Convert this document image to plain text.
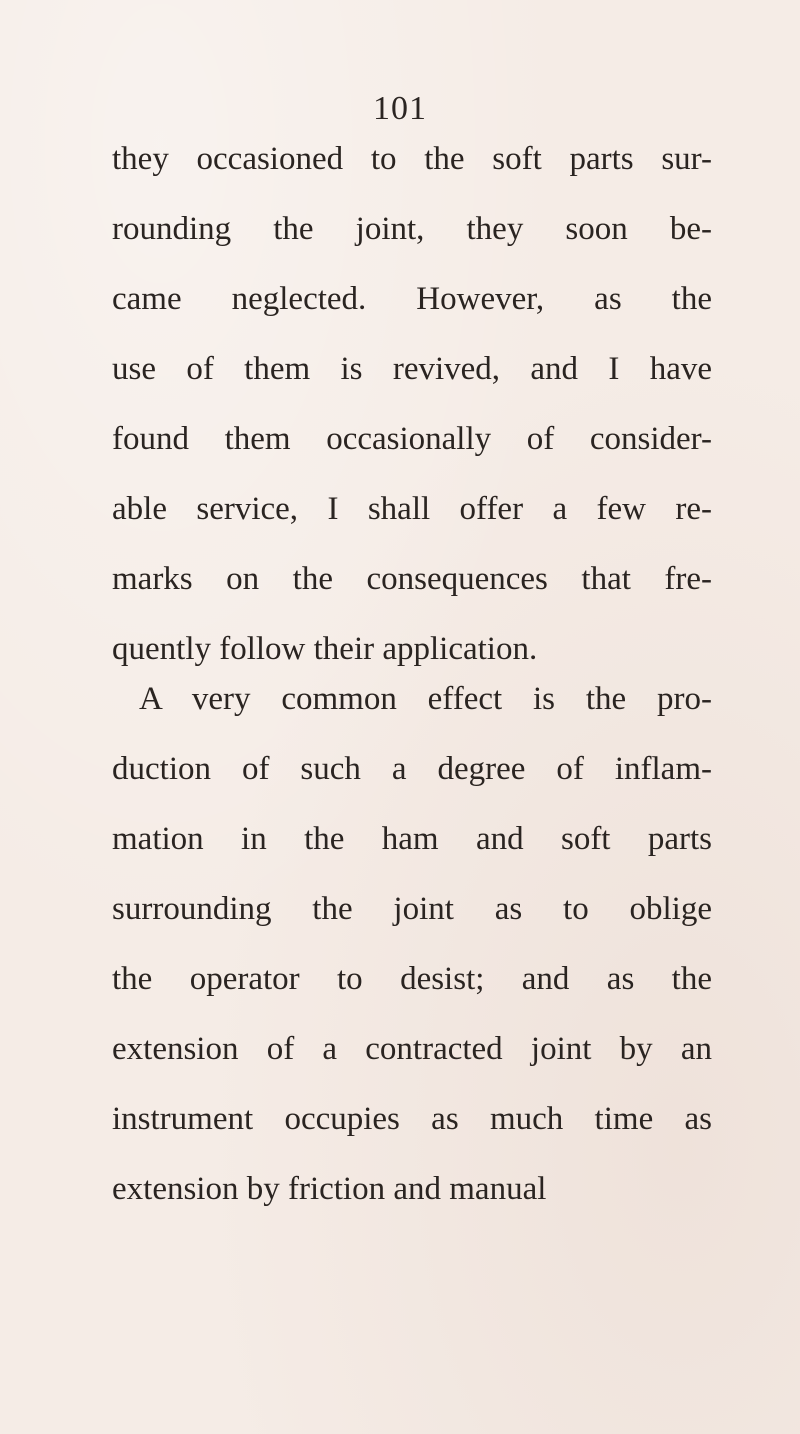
101
they occasioned to the soft parts sur-
rounding the joint, they soon be-
came neglected. However, as the
use of them is revived, and I have
found them occasionally of consider-
able service, I shall offer a few re-
marks on the consequences that fre-
quently follow their application.
A very common effect is the pro-
duction of such a degree of inflam-
mation in the ham and soft parts
surrounding the joint as to oblige
the operator to desist; and as the
extension of a contracted joint by an
instrument occupies as much time as
extension by friction and manual
